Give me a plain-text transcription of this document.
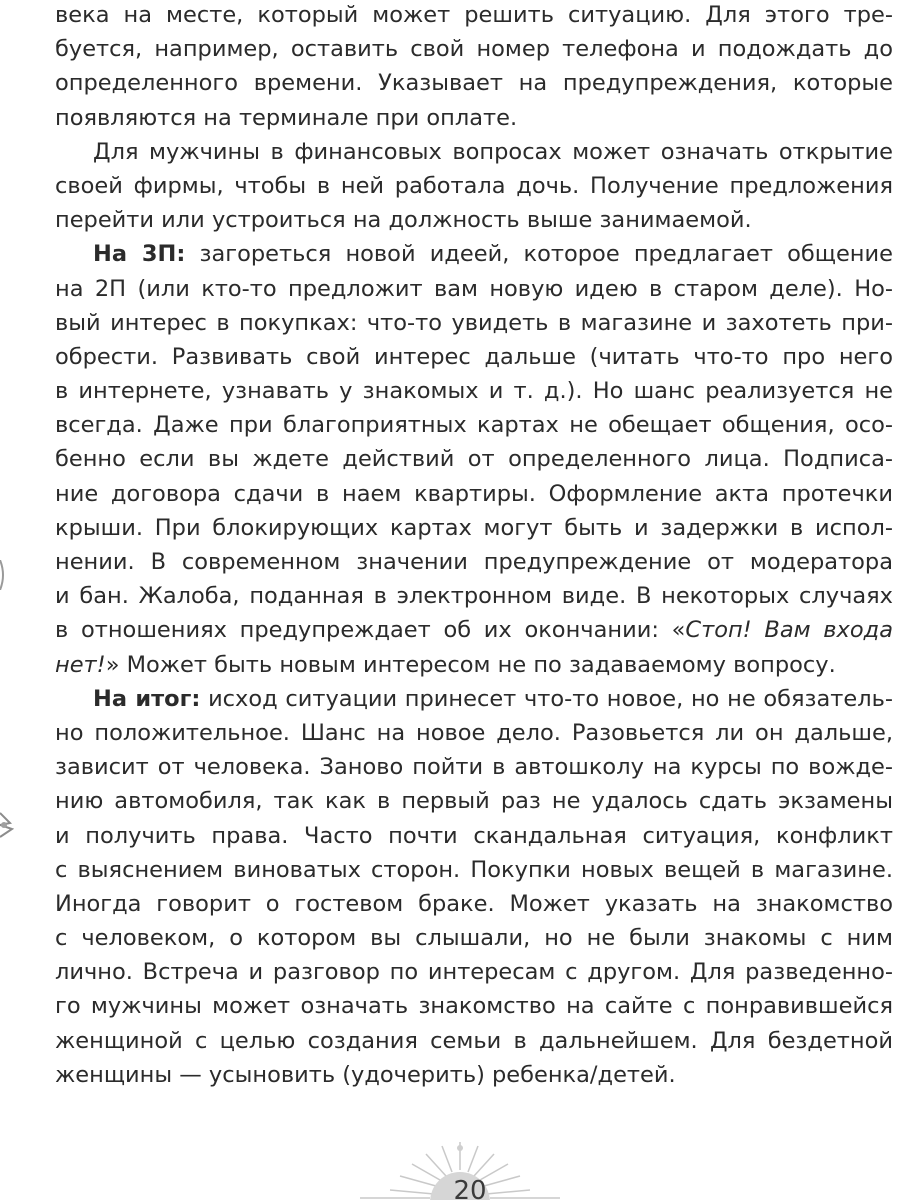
века на месте, который может решить ситуацию. Для этого тре-
буется, например, оставить свой номер телефона и подождать до
определенного времени. Указывает на предупреждения, которые
появляются на терминале при оплате.
Для мужчины в финансовых вопросах может означать открытие
своей фирмы, чтобы в ней работала дочь. Получение предложения
перейти или устроиться на должность выше занимаемой.
На 3П: загореться новой идеей, которое предлагает общение
на 2П (или кто-то предложит вам новую идею в старом деле). Но-
вый интерес в покупках: что-то увидеть в магазине и захотеть при-
обрести. Развивать свой интерес дальше (читать что-то про него
в интернете, узнавать у знакомых и т. д.). Но шанс реализуется не
всегда. Даже при благоприятных картах не обещает общения, осо-
бенно если вы ждете действий от определенного лица. Подписа-
ние договора сдачи в наем квартиры. Оформление акта протечки
крыши. При блокирующих картах могут быть и задержки в испол-
нении. В современном значении предупреждение от модератора
и бан. Жалоба, поданная в электронном виде. В некоторых случаях
в отношениях предупреждает об их окончании: «Стоп! Вам входа
нет!» Может быть новым интересом не по задаваемому вопросу.
На итог: исход ситуации принесет что-то новое, но не обязатель-
но положительное. Шанс на новое дело. Разовьется ли он дальше,
зависит от человека. Заново пойти в автошколу на курсы по вожде-
нию автомобиля, так как в первый раз не удалось сдать экзамены
и получить права. Часто почти скандальная ситуация, конфликт
с выяснением виноватых сторон. Покупки новых вещей в магазине.
Иногда говорит о гостевом браке. Может указать на знакомство
с человеком, о котором вы слышали, но не были знакомы с ним
лично. Встреча и разговор по интересам с другом. Для разведенно-
го мужчины может означать знакомство на сайте с понравившейся
женщиной с целью создания семьи в дальнейшем. Для бездетной
женщины — усыновить (удочерить) ребенка/детей.
20
